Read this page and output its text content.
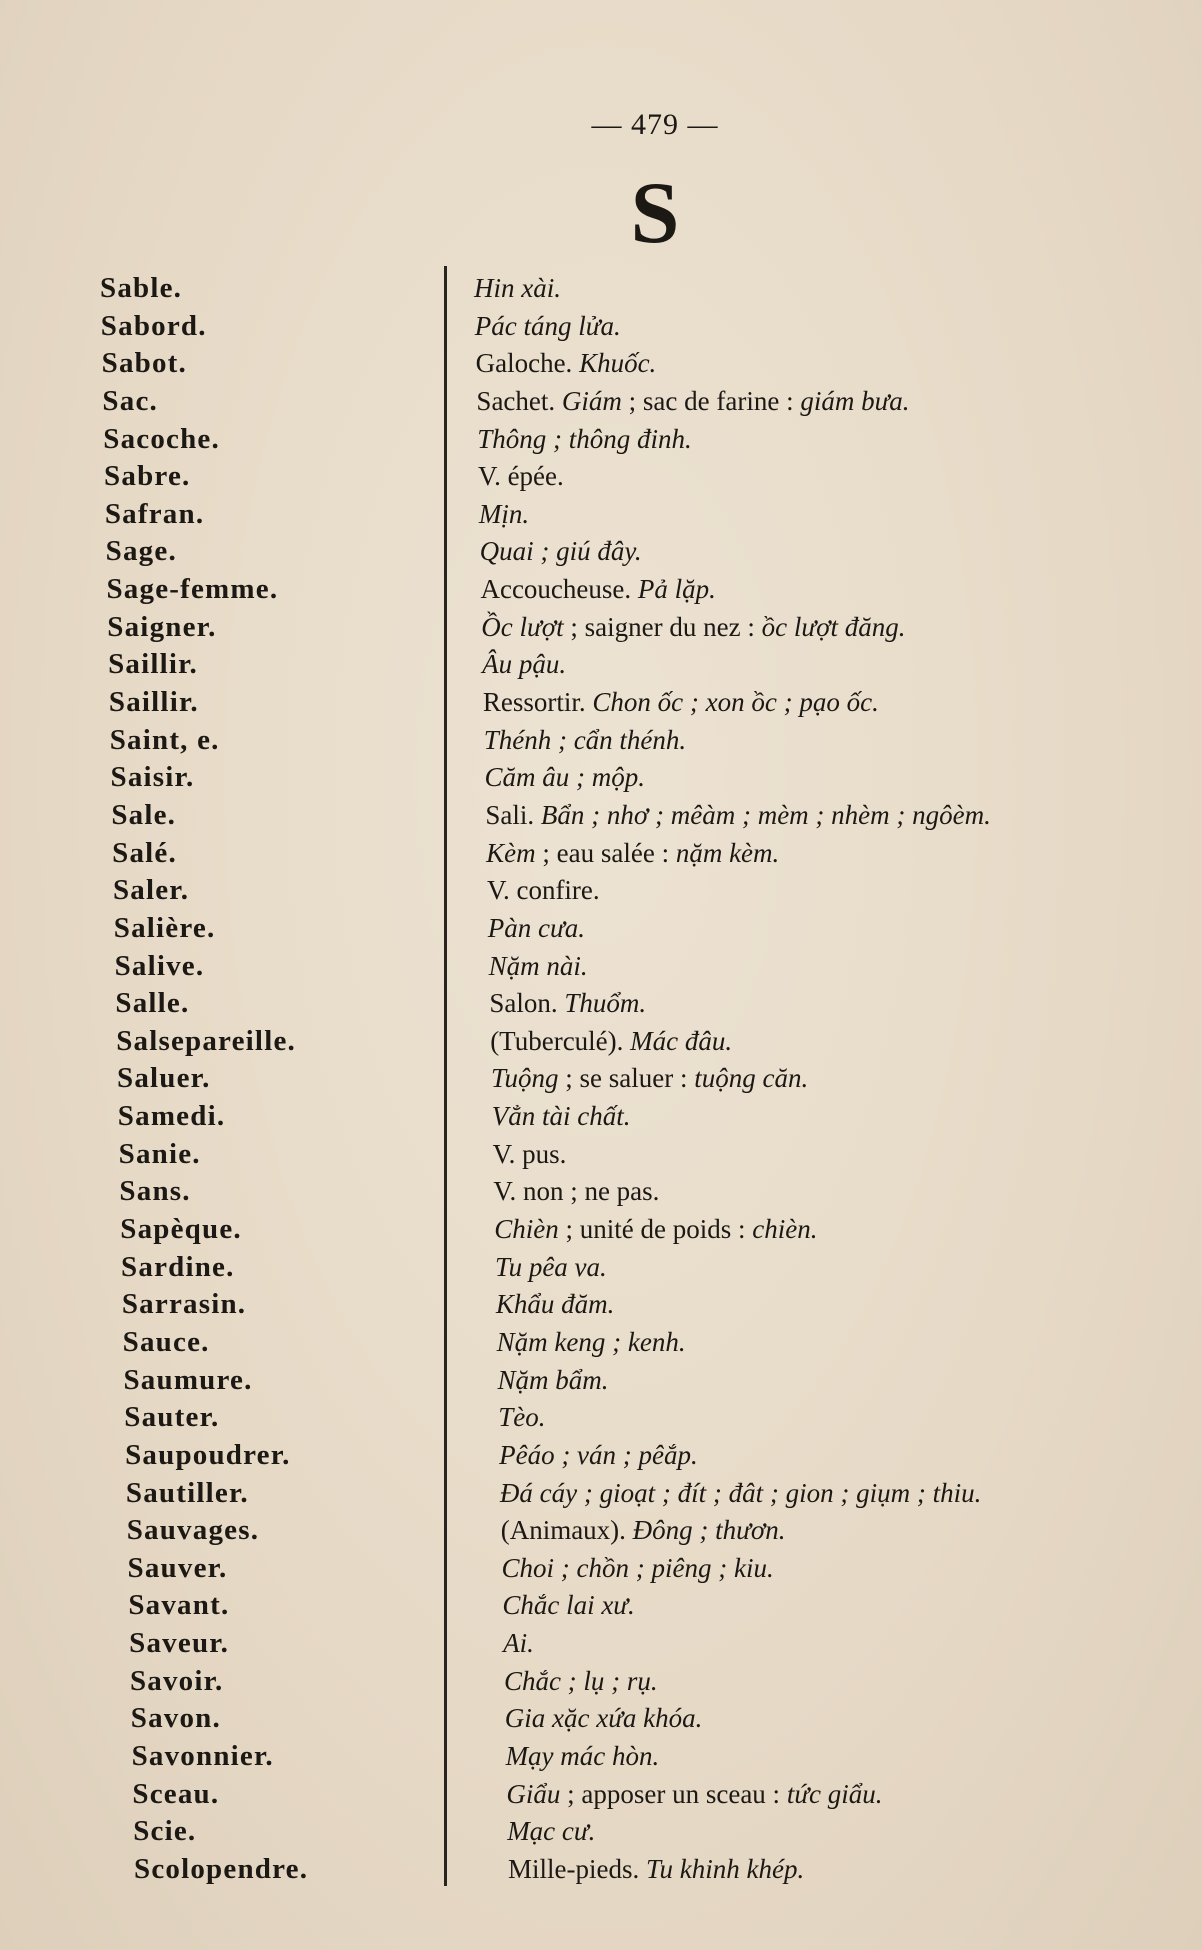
— 479 —
S
Sable.	Hin xài.
Sabord.	Pác táng lửa.
Sabot.	Galoche. Khuốc.
Sac.	Sachet. Giám ; sac de farine : giám bưa.
Sacoche.	Thông ; thông đinh.
Sabre.	V. épée.
Safran.	Mịn.
Sage.	Quai ; giú đây.
Sage-femme.	Accoucheuse. Pả lặp.
Saigner.	Ồc lượt ; saigner du nez : ồc lượt đăng.
Saillir.	Âu pậu.
Saillir.	Ressortir. Chon ốc ; xon ồc ; pạo ốc.
Saint, e.	Thénh ; cẩn thénh.
Saisir.	Căm âu ; mộp.
Sale.	Sali. Bẩn ; nhơ ; mêàm ; mèm ; nhèm ; ngôèm.
Salé.	Kèm ; eau salée : nặm kèm.
Saler.	V. confire.
Salière.	Pàn cưa.
Salive.	Nặm nài.
Salle.	Salon. Thuổm.
Salsepareille.	(Tuberculé). Mác đâu.
Saluer.	Tuộng ; se saluer : tuộng căn.
Samedi.	Vẳn tài chất.
Sanie.	V. pus.
Sans.	V. non ; ne pas.
Sapèque.	Chièn ; unité de poids : chièn.
Sardine.	Tu pêa va.
Sarrasin.	Khẩu đăm.
Sauce.	Nặm keng ; kenh.
Saumure.	Nặm bẩm.
Sauter.	Tèo.
Saupoudrer.	Pêáo ; ván ; pêắp.
Sautiller.	Đá cáy ; gioạt ; đít ; đât ; gion ; giụm ; thiu.
Sauvages.	(Animaux). Đông ; thươn.
Sauver.	Choi ; chồn ; piêng ; kiu.
Savant.	Chắc lai xư.
Saveur.	Ai.
Savoir.	Chắc ; lụ ; rụ.
Savon.	Gia xặc xứa khóa.
Savonnier.	Mạy mác hòn.
Sceau.	Giẩu ; apposer un sceau : tức giẩu.
Scie.	Mạc cư.
Scolopendre.	Mille-pieds. Tu khinh khép.
